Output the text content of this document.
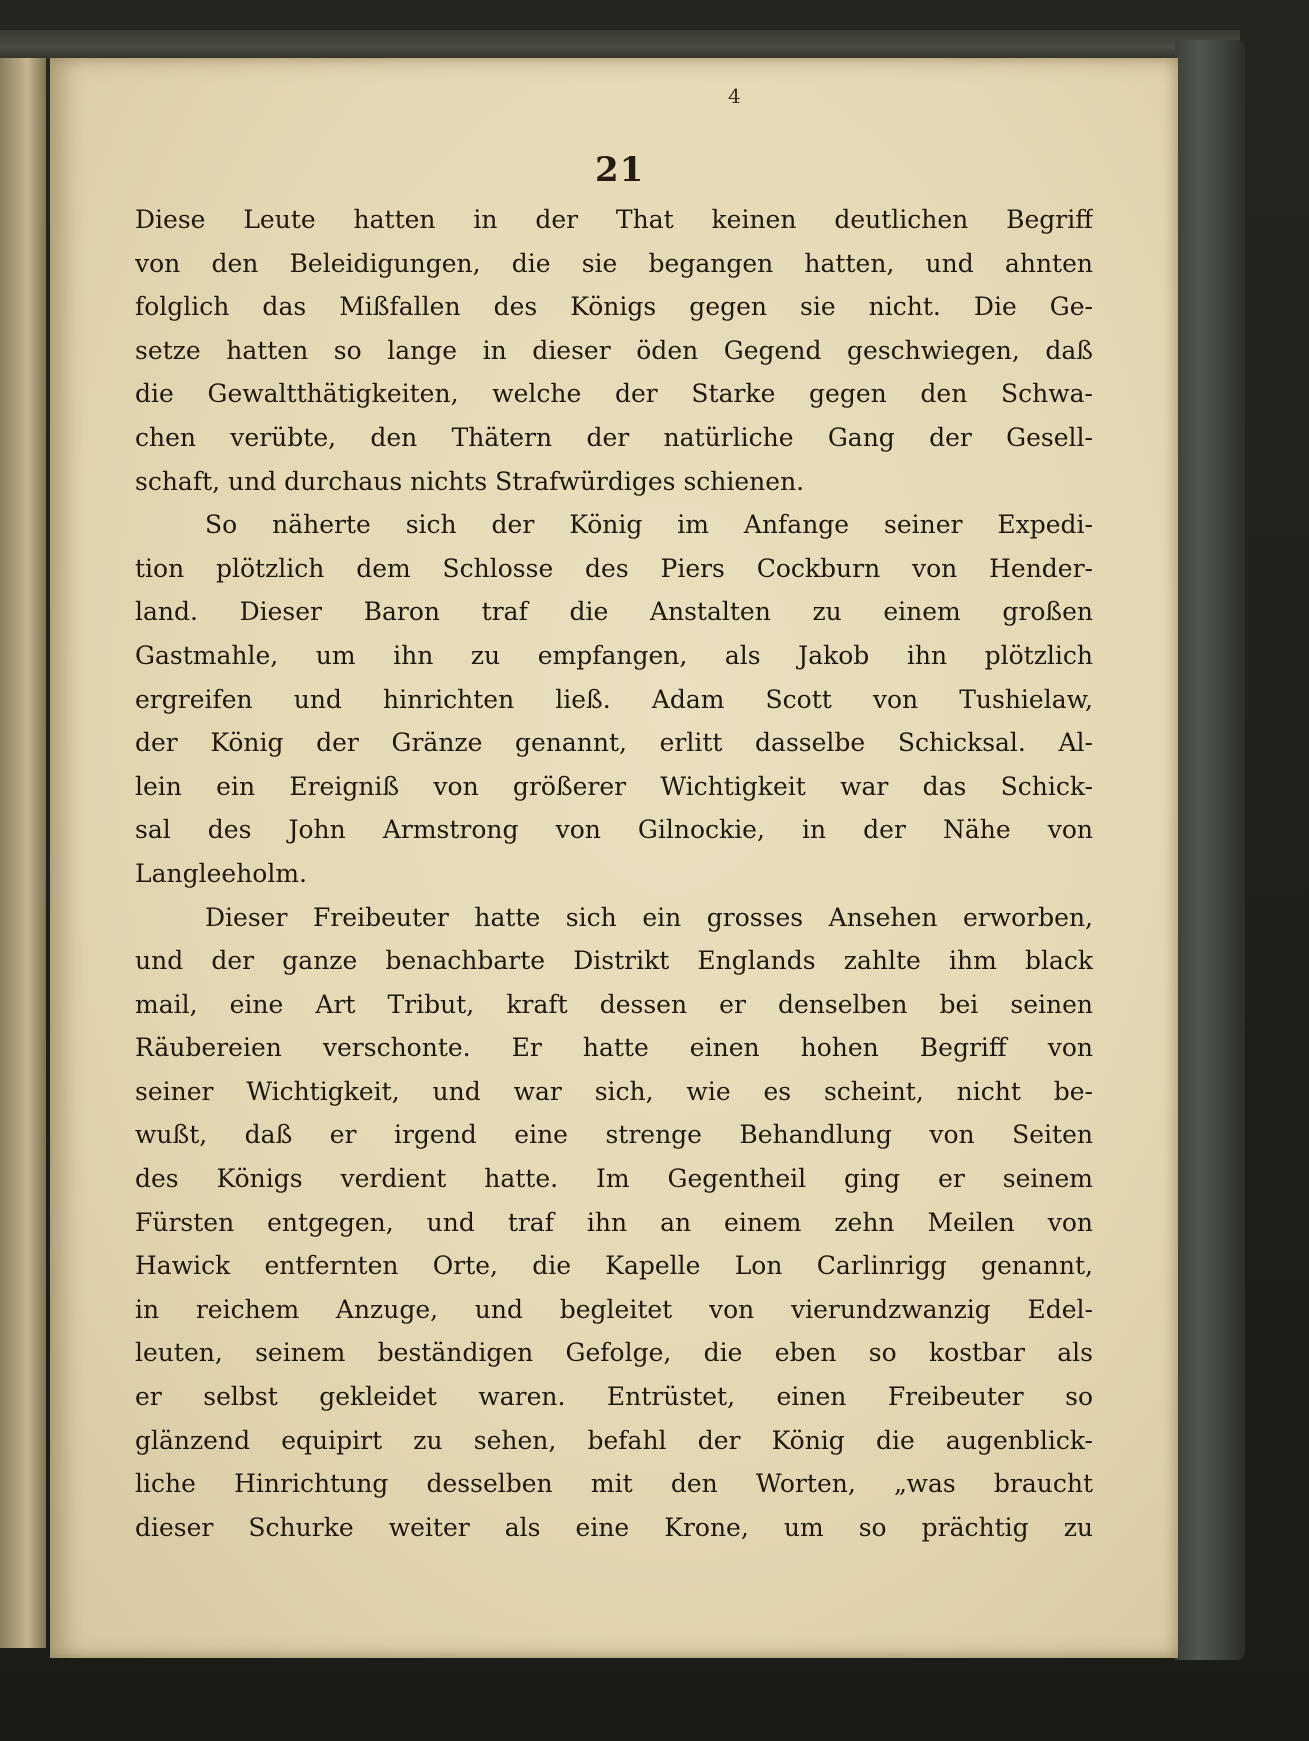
4
21
Diese Leute hatten in der That keinen deutlichen Begriff
von den Beleidigungen, die sie begangen hatten, und ahnten
folglich das Mißfallen des Königs gegen sie nicht. Die Ge-
setze hatten so lange in dieser öden Gegend geschwiegen, daß
die Gewaltthätigkeiten, welche der Starke gegen den Schwa-
chen verübte, den Thätern der natürliche Gang der Gesell-
schaft, und durchaus nichts Strafwürdiges schienen.
So näherte sich der König im Anfange seiner Expedi-
tion plötzlich dem Schlosse des Piers Cockburn von Hender-
land. Dieser Baron traf die Anstalten zu einem großen
Gastmahle, um ihn zu empfangen, als Jakob ihn plötzlich
ergreifen und hinrichten ließ. Adam Scott von Tushielaw,
der König der Gränze genannt, erlitt dasselbe Schicksal. Al-
lein ein Ereigniß von größerer Wichtigkeit war das Schick-
sal des John Armstrong von Gilnockie, in der Nähe von
Langleeholm.
Dieser Freibeuter hatte sich ein grosses Ansehen erworben,
und der ganze benachbarte Distrikt Englands zahlte ihm black
mail, eine Art Tribut, kraft dessen er denselben bei seinen
Räubereien verschonte. Er hatte einen hohen Begriff von
seiner Wichtigkeit, und war sich, wie es scheint, nicht be-
wußt, daß er irgend eine strenge Behandlung von Seiten
des Königs verdient hatte. Im Gegentheil ging er seinem
Fürsten entgegen, und traf ihn an einem zehn Meilen von
Hawick entfernten Orte, die Kapelle Lon Carlinrigg genannt,
in reichem Anzuge, und begleitet von vierundzwanzig Edel-
leuten, seinem beständigen Gefolge, die eben so kostbar als
er selbst gekleidet waren. Entrüstet, einen Freibeuter so
glänzend equipirt zu sehen, befahl der König die augenblick-
liche Hinrichtung desselben mit den Worten, „was braucht
dieser Schurke weiter als eine Krone, um so prächtig zu
